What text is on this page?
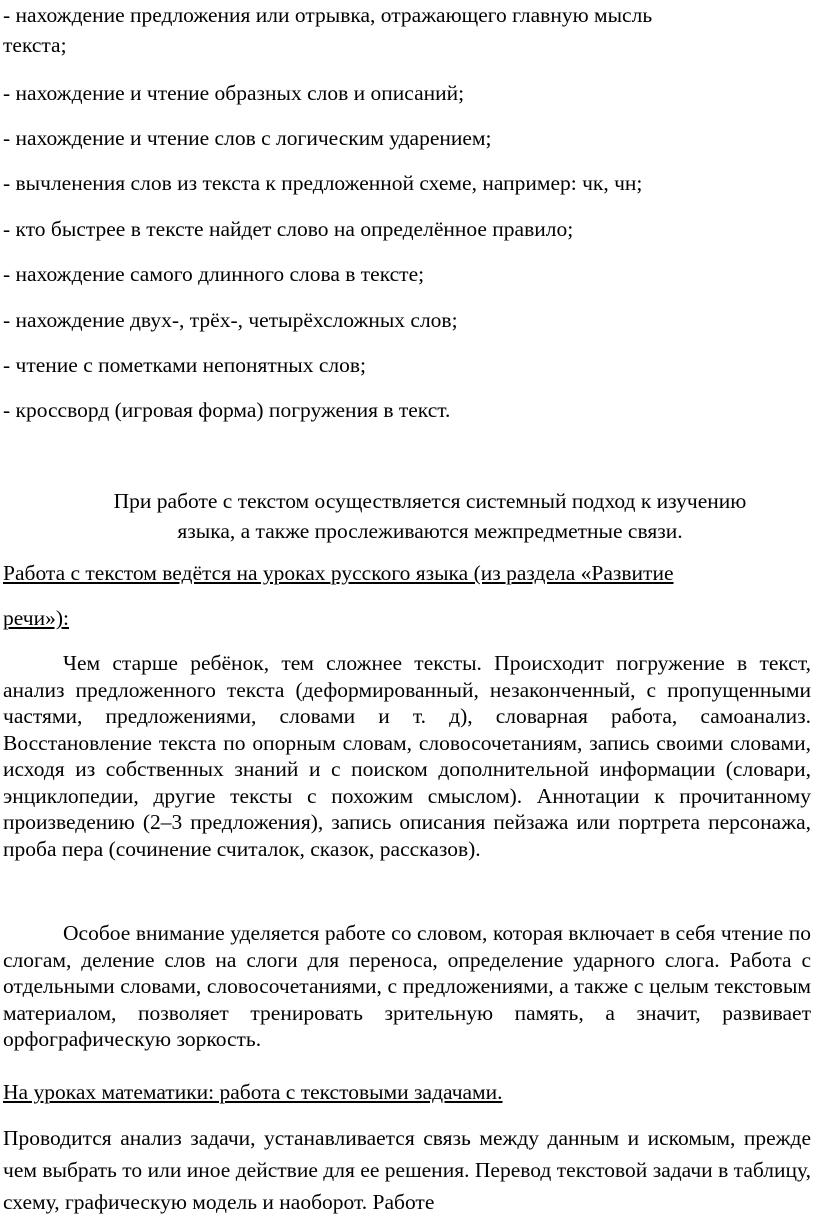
- нахождение предложения или отрывка, отражающего главную мысль
текста;
- нахождение и чтение образных слов и описаний;
- нахождение и чтение слов с логическим ударением;
- вычленения слов из текста к предложенной схеме, например: чк, чн;
- кто быстрее в тексте найдет слово на определённое правило;
- нахождение самого длинного слова в тексте;
- нахождение двух-, трёх-, четырёхсложных слов;
- чтение с пометками непонятных слов;
- кроссворд (игровая форма) погружения в текст.
При работе с текстом осуществляется системный подход к изучению
языка, а также прослеживаются межпредметные связи.
Работа с текстом ведётся на уроках русского языка (из раздела «Развитие
речи»):
Чем старше ребёнок, тем сложнее тексты. Происходит погружение в текст, анализ предложенного текста (деформированный, незаконченный, с пропущенными частями, предложениями, словами и т. д), словарная работа, самоанализ. Восстановление текста по опорным словам, словосочетаниям, запись своими словами, исходя из собственных знаний и с поиском дополнительной информации (словари, энциклопедии, другие тексты с похожим смыслом). Аннотации к прочитанному произведению (2–3 предложения), запись описания пейзажа или портрета персонажа, проба пера (сочинение считалок, сказок, рассказов).
Особое внимание уделяется работе со словом, которая включает в себя чтение по слогам, деление слов на слоги для переноса, определение ударного слога. Работа с отдельными словами, словосочетаниями, с предложениями, а также с целым текстовым материалом, позволяет тренировать зрительную память, а значит, развивает орфографическую зоркость.
На уроках математики: работа с текстовыми задачами.
Проводится анализ задачи, устанавливается связь между данным и искомым, прежде чем выбрать то или иное действие для ее решения. Перевод текстовой задачи в таблицу, схему, графическую модель и наоборот. Работе
